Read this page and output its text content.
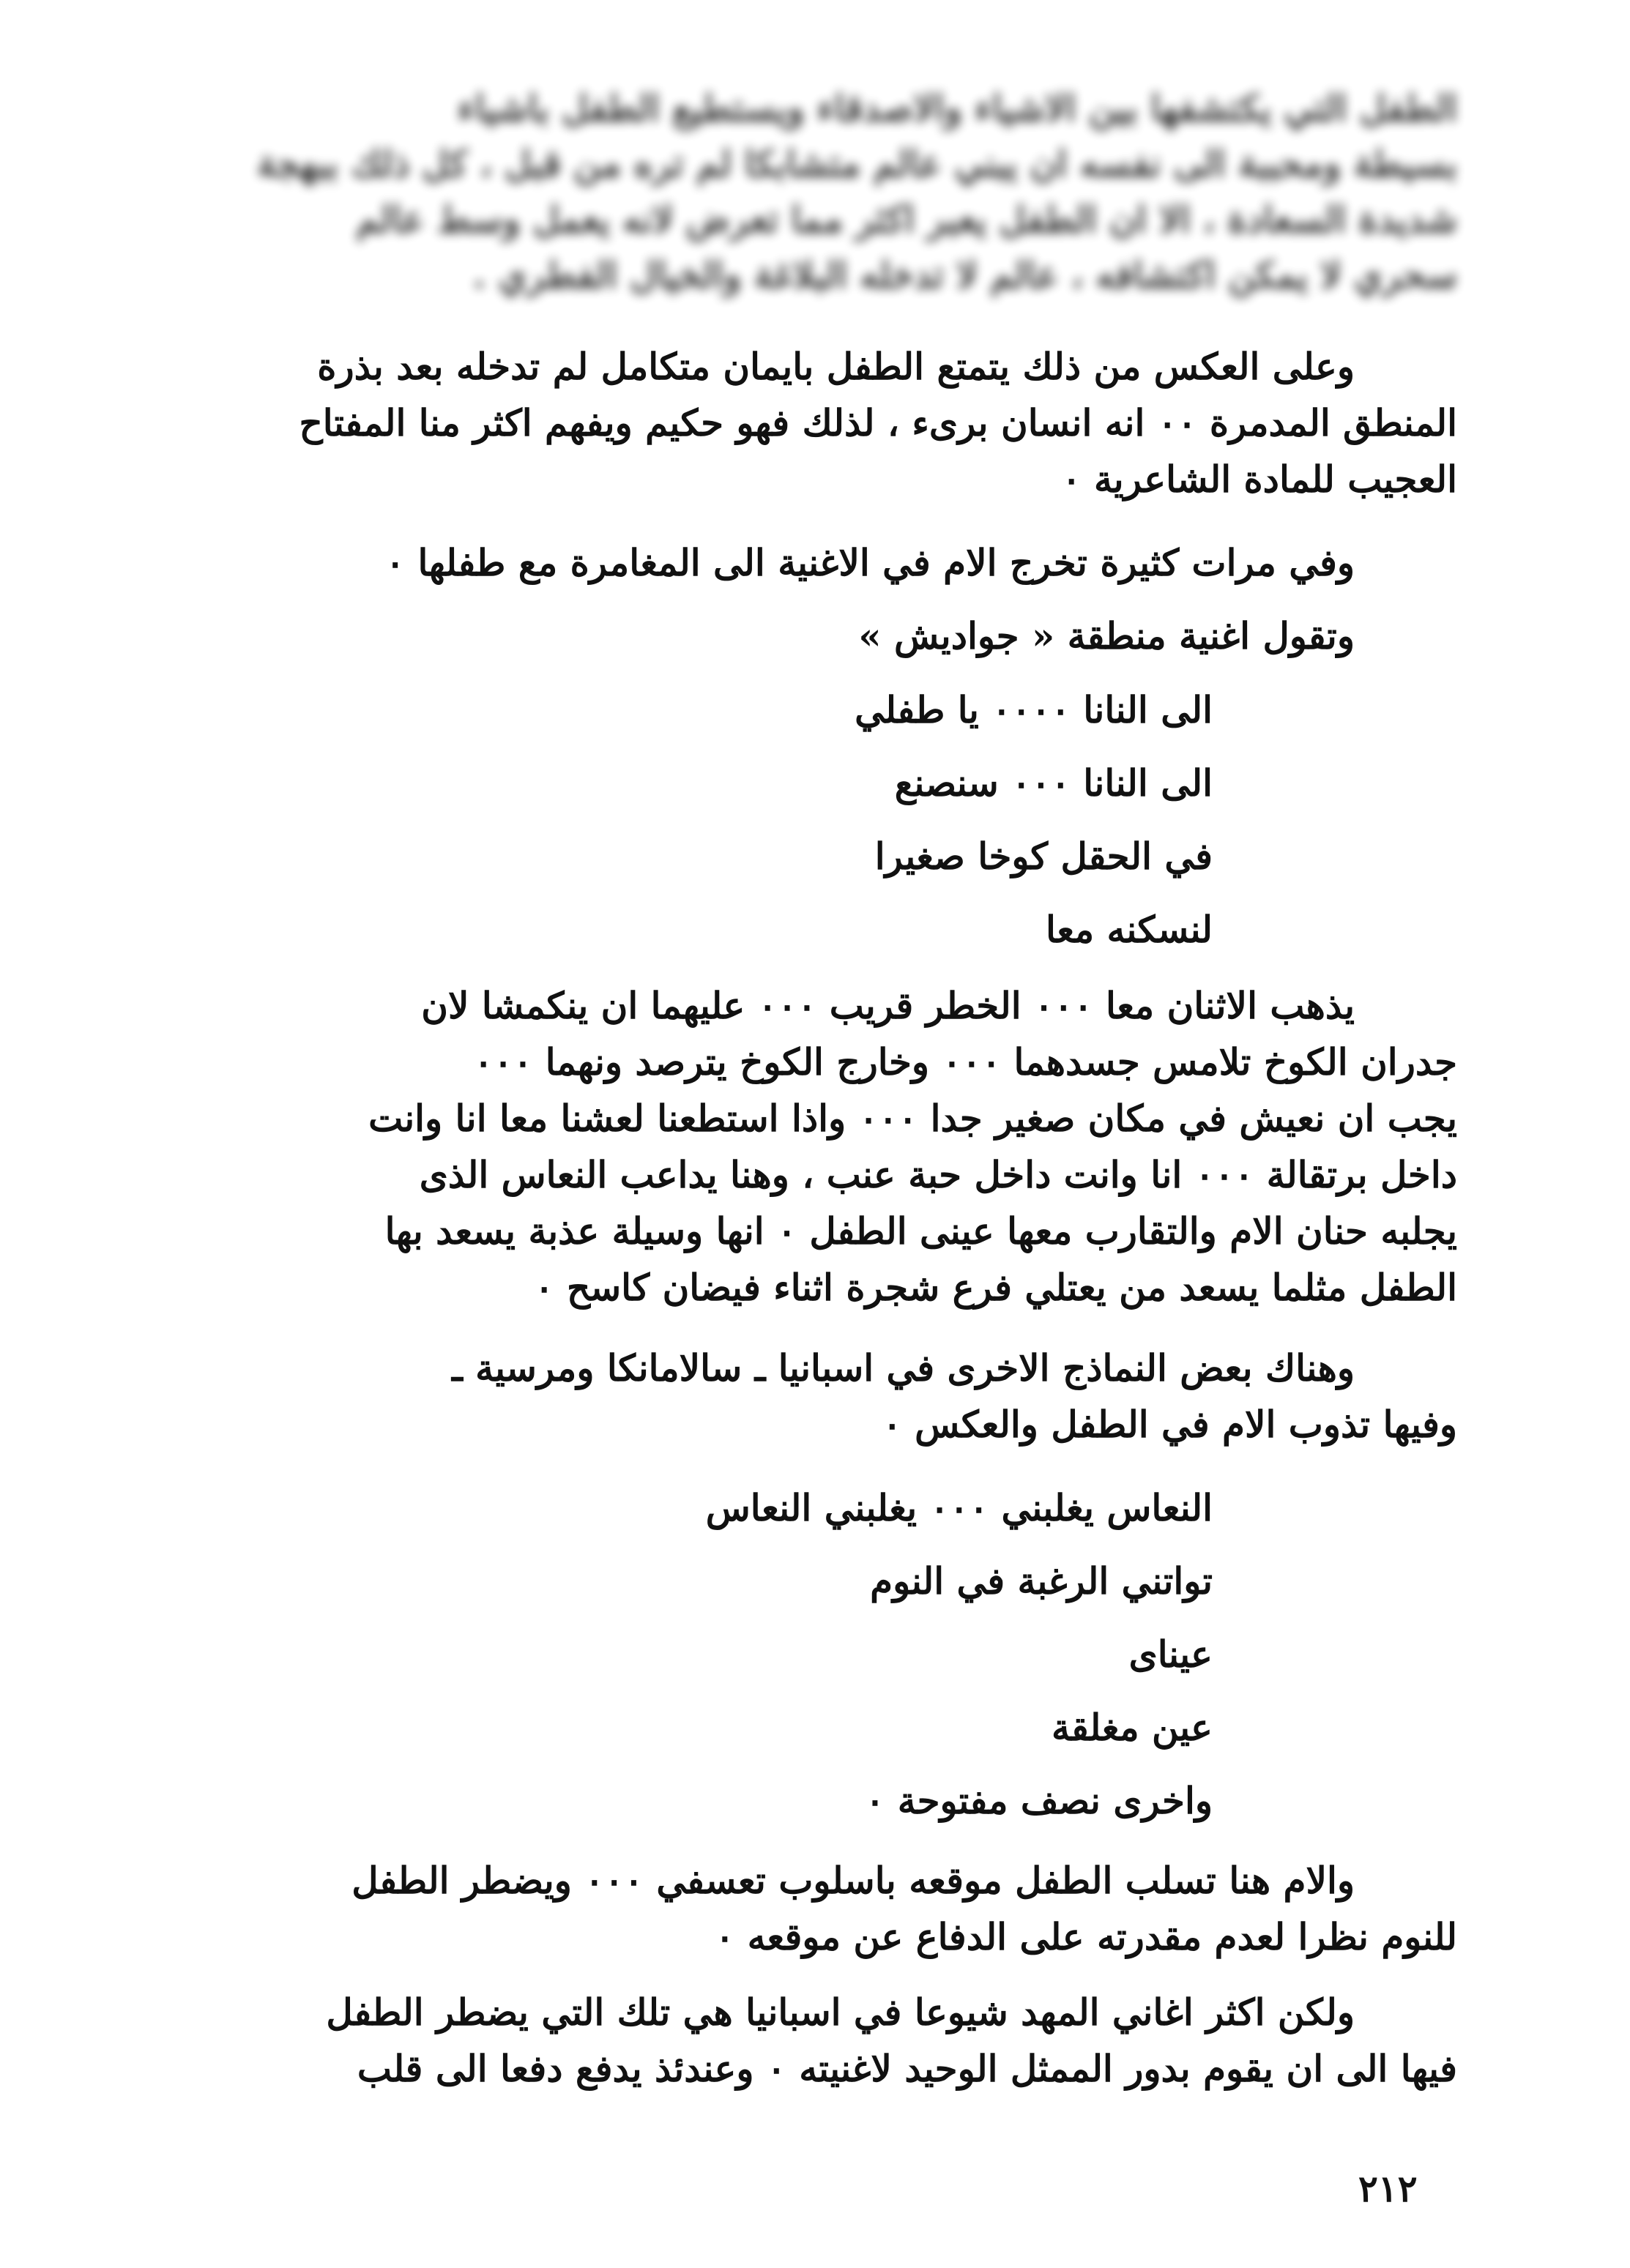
الطفل التي يكتشفها بين الاشياء والاصدقاء ويستطيع الطفل باشياء

بسيطة ومحببة الى نفسه ان يبني عالم متشابكا لم تره من قبل ، كل ذلك ببهجة

شديدة السعادة ، الا ان الطفل يعبر اكثر مما تعرض لانه يعمل وسط عالم

سحري لا يمكن اكتشافه ، عالم لا تدخله البلاغة والخيال الفطري .

وعلى العكس من ذلك يتمتع الطفل بايمان متكامل لم تدخله بعد بذرة
المنطق المدمرة ٠٠ انه انسان برىء ، لذلك فهو حكيم ويفهم اكثر منا المفتاح
العجيب للمادة الشاعرية ٠

وفي مرات كثيرة تخرج الام في الاغنية الى المغامرة مع طفلها ٠

وتقول اغنية منطقة « جواديش »

الى النانا ٠٠٠٠ يا طفلي
الى النانا ٠٠٠ سنصنع
في الحقل كوخا صغيرا
لنسكنه معا

يذهب الاثنان معا ٠٠٠ الخطر قريب ٠٠٠ عليهما ان ينكمشا لان
جدران الكوخ تلامس جسدهما ٠٠٠ وخارج الكوخ يترصد ونهما ٠٠٠
يجب ان نعيش في مكان صغير جدا ٠٠٠ واذا استطعنا لعشنا معا انا وانت
داخل برتقالة ٠٠٠ انا وانت داخل حبة عنب ، وهنا يداعب النعاس الذى
يجلبه حنان الام والتقارب معها عينى الطفل ٠ انها وسيلة عذبة يسعد بها
الطفل مثلما يسعد من يعتلي فرع شجرة اثناء فيضان كاسح ٠

وهناك بعض النماذج الاخرى في اسبانيا ـ سالامانكا ومرسية ـ
وفيها تذوب الام في الطفل والعكس ٠

النعاس يغلبني ٠٠٠ يغلبني النعاس
تواتني الرغبة في النوم
عيناى
عين مغلقة
واخرى نصف مفتوحة ٠

والام هنا تسلب الطفل موقعه باسلوب تعسفي ٠٠٠ ويضطر الطفل
للنوم نظرا لعدم مقدرته على الدفاع عن موقعه ٠

ولكن اكثر اغاني المهد شيوعا في اسبانيا هي تلك التي يضطر الطفل
فيها الى ان يقوم بدور الممثل الوحيد لاغنيته ٠ وعندئذ يدفع دفعا الى قلب

٢١٢
